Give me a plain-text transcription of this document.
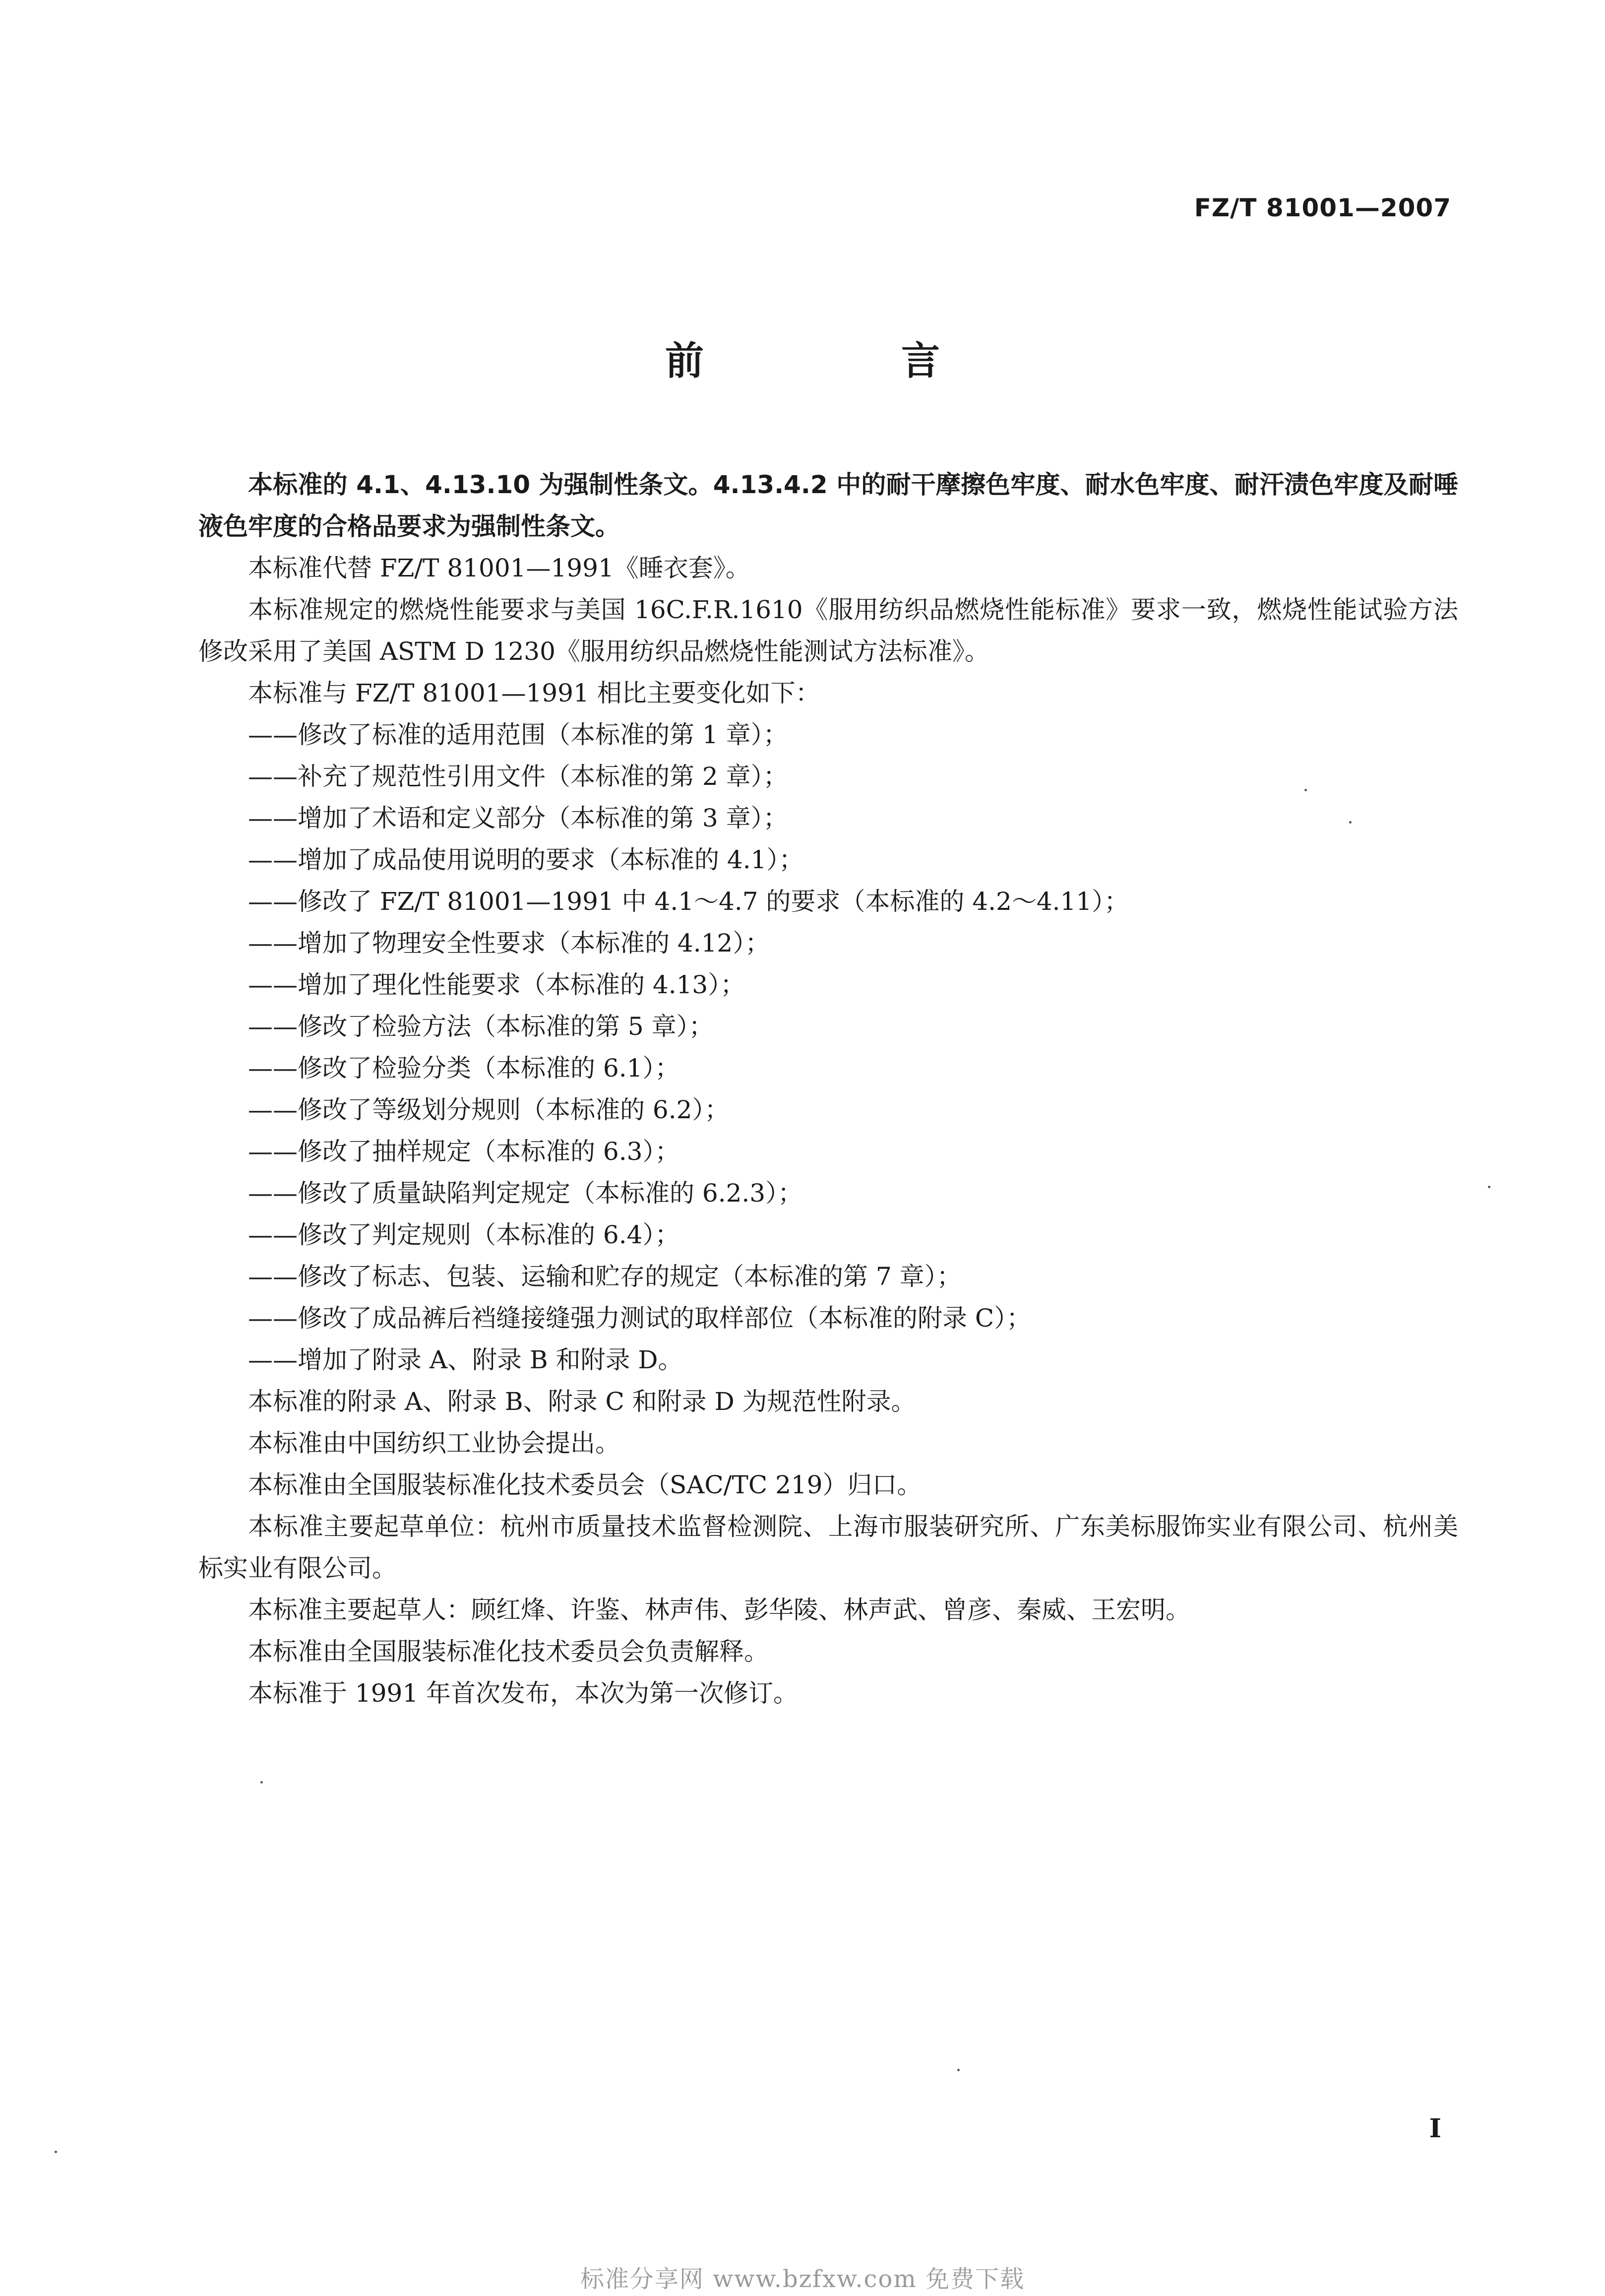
FZ/T 81001—2007
前　言

本标准的 4.1、4.13.10 为强制性条文。4.13.4.2 中的耐干摩擦色牢度、耐水色牢度、耐汗渍色牢度及耐唾液色牢度的合格品要求为强制性条文。

本标准代替 FZ/T 81001—1991《睡衣套》。

本标准规定的燃烧性能要求与美国 16C.F.R.1610《服用纺织品燃烧性能标准》要求一致，燃烧性能试验方法修改采用了美国 ASTM D 1230《服用纺织品燃烧性能测试方法标准》。

本标准与 FZ/T 81001—1991 相比主要变化如下：

——修改了标准的适用范围（本标准的第 1 章）；
——补充了规范性引用文件（本标准的第 2 章）；
——增加了术语和定义部分（本标准的第 3 章）；
——增加了成品使用说明的要求（本标准的 4.1）；
——修改了 FZ/T 81001—1991 中 4.1～4.7 的要求（本标准的 4.2～4.11）；
——增加了物理安全性要求（本标准的 4.12）；
——增加了理化性能要求（本标准的 4.13）；
——修改了检验方法（本标准的第 5 章）；
——修改了检验分类（本标准的 6.1）；
——修改了等级划分规则（本标准的 6.2）；
——修改了抽样规定（本标准的 6.3）；
——修改了质量缺陷判定规定（本标准的 6.2.3）；
——修改了判定规则（本标准的 6.4）；
——修改了标志、包装、运输和贮存的规定（本标准的第 7 章）；
——修改了成品裤后裆缝接缝强力测试的取样部位（本标准的附录 C）；
——增加了附录 A、附录 B 和附录 D。

本标准的附录 A、附录 B、附录 C 和附录 D 为规范性附录。

本标准由中国纺织工业协会提出。

本标准由全国服装标准化技术委员会（SAC/TC 219）归口。

本标准主要起草单位：杭州市质量技术监督检测院、上海市服装研究所、广东美标服饰实业有限公司、杭州美标实业有限公司。

本标准主要起草人：顾红烽、许鉴、林声伟、彭华陵、林声武、曾彦、秦威、王宏明。

本标准由全国服装标准化技术委员会负责解释。

本标准于 1991 年首次发布，本次为第一次修订。

I
标准分享网 www.bzfxw.com 免费下载
